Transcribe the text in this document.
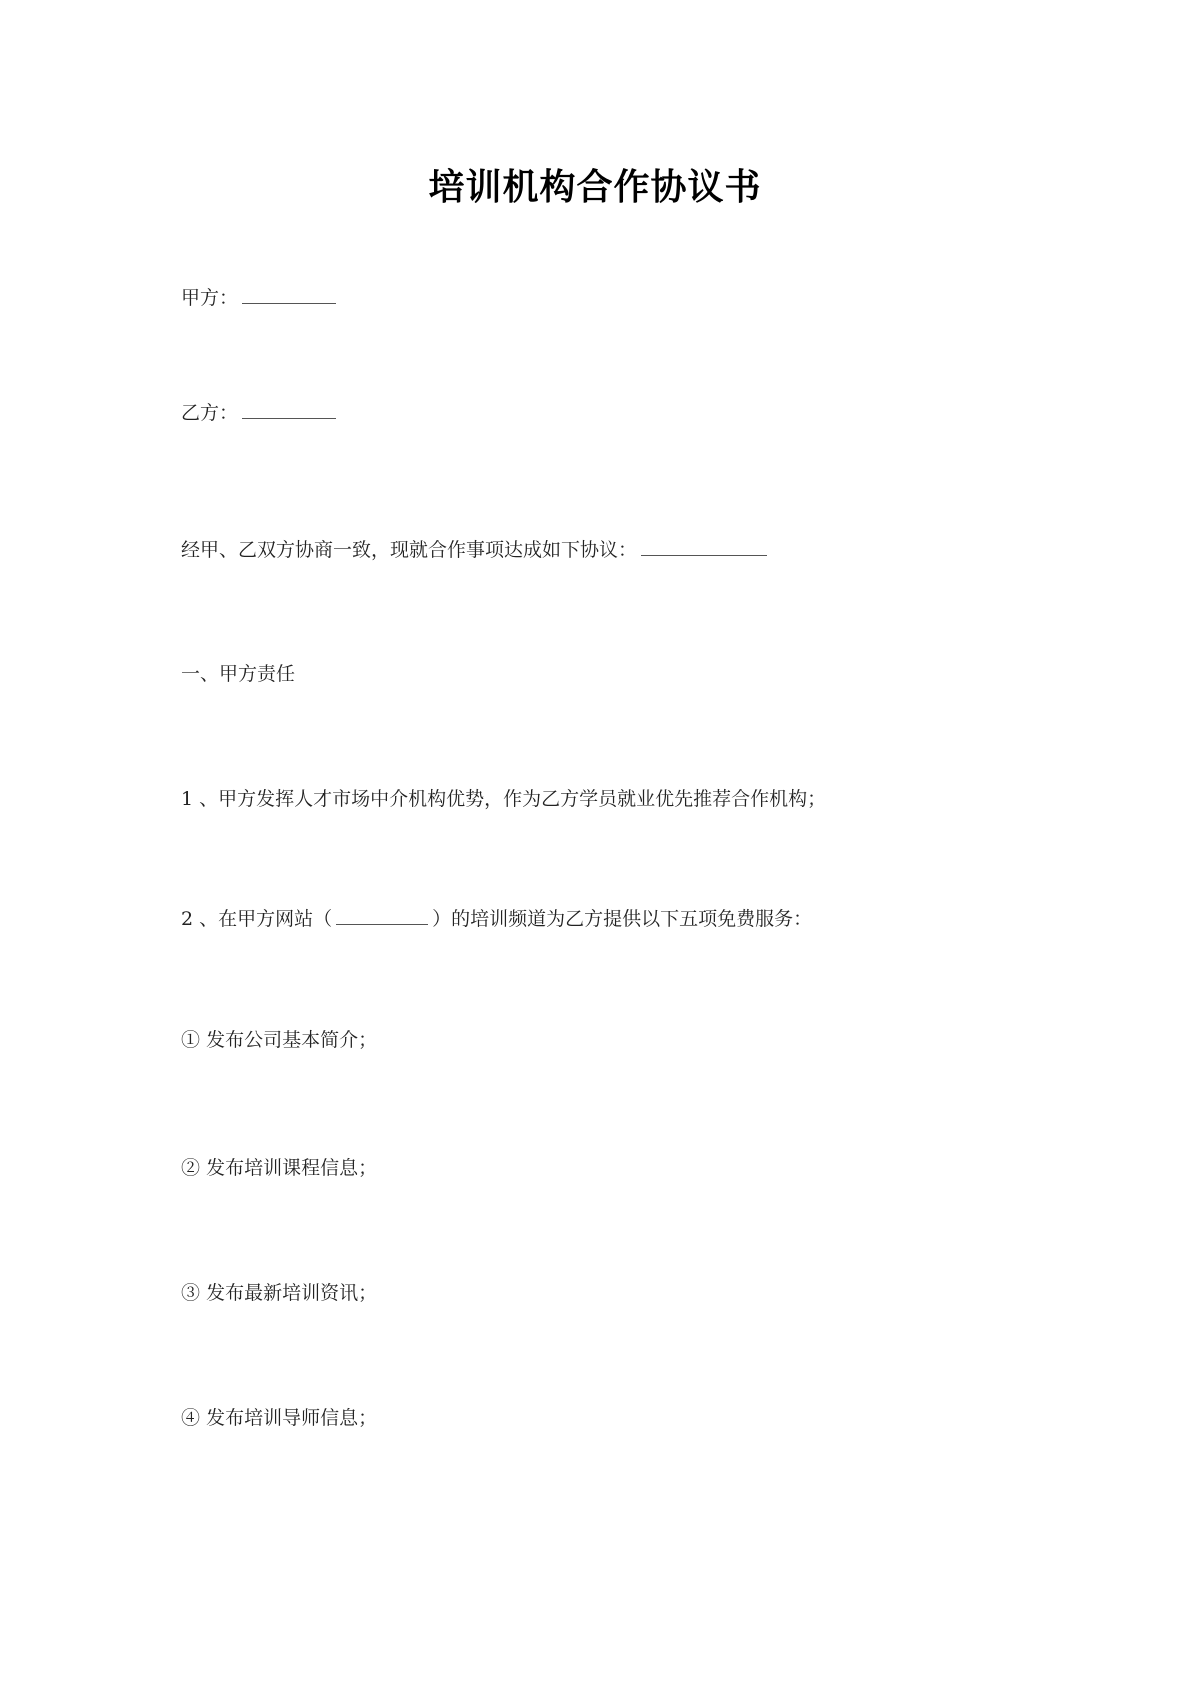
培训机构合作协议书
甲方：
乙方：
经甲、乙双方协商一致，现就合作事项达成如下协议：
一、甲方责任
1 、甲方发挥人才市场中介机构优势，作为乙方学员就业优先推荐合作机构；
2 、在甲方网站（	）的培训频道为乙方提供以下五项免费服务：
① 发布公司基本简介；
② 发布培训课程信息；
③ 发布最新培训资讯；
④ 发布培训导师信息；
